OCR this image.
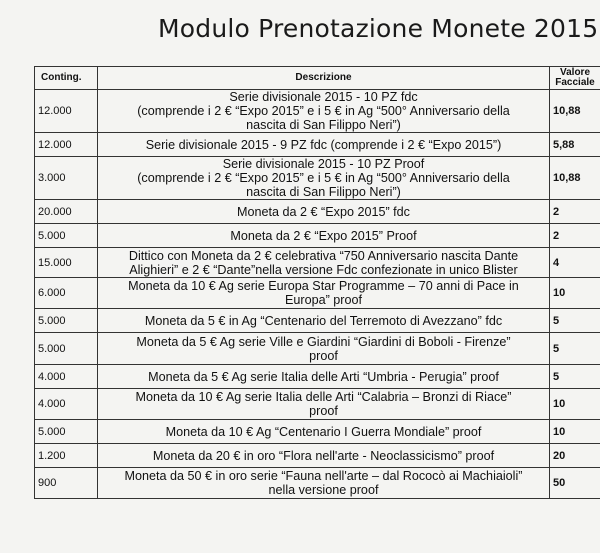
Modulo Prenotazione Monete 2015
Conting.	Descrizione	Valore
Facciale
12.000	Serie divisionale 2015 - 10 PZ fdc
(comprende i 2 € “Expo 2015” e i 5 € in Ag “500° Anniversario della
nascita di San Filippo Neri”)	10,88
12.000	Serie divisionale 2015 - 9 PZ fdc (comprende i 2 € “Expo 2015”)	5,88
3.000	Serie divisionale 2015 - 10 PZ Proof
(comprende i 2 € “Expo 2015” e i 5 € in Ag “500° Anniversario della
nascita di San Filippo Neri”)	10,88
20.000	Moneta da 2 € “Expo 2015” fdc	2
5.000	Moneta da 2 € “Expo 2015” Proof	2
15.000	Dittico con Moneta da 2 € celebrativa “750 Anniversario nascita Dante
Alighieri” e 2 € “Dante”nella versione Fdc confezionate in unico Blister	4
6.000	Moneta da 10 € Ag serie Europa Star Programme – 70 anni di Pace in
Europa” proof	10
5.000	Moneta da 5 € in Ag “Centenario del Terremoto di Avezzano” fdc	5
5.000	Moneta da 5 € Ag serie Ville e Giardini “Giardini di Boboli - Firenze”
proof	5
4.000	Moneta da 5 € Ag serie Italia delle Arti “Umbria - Perugia” proof	5
4.000	Moneta da 10 € Ag serie Italia delle Arti “Calabria – Bronzi di Riace”
proof	10
5.000	Moneta da 10 € Ag “Centenario I Guerra Mondiale” proof	10
1.200	Moneta da 20 € in oro “Flora nell'arte - Neoclassicismo” proof	20
900	Moneta da 50 € in oro serie “Fauna nell'arte – dal Rococò ai Machiaioli”
nella versione proof	50
